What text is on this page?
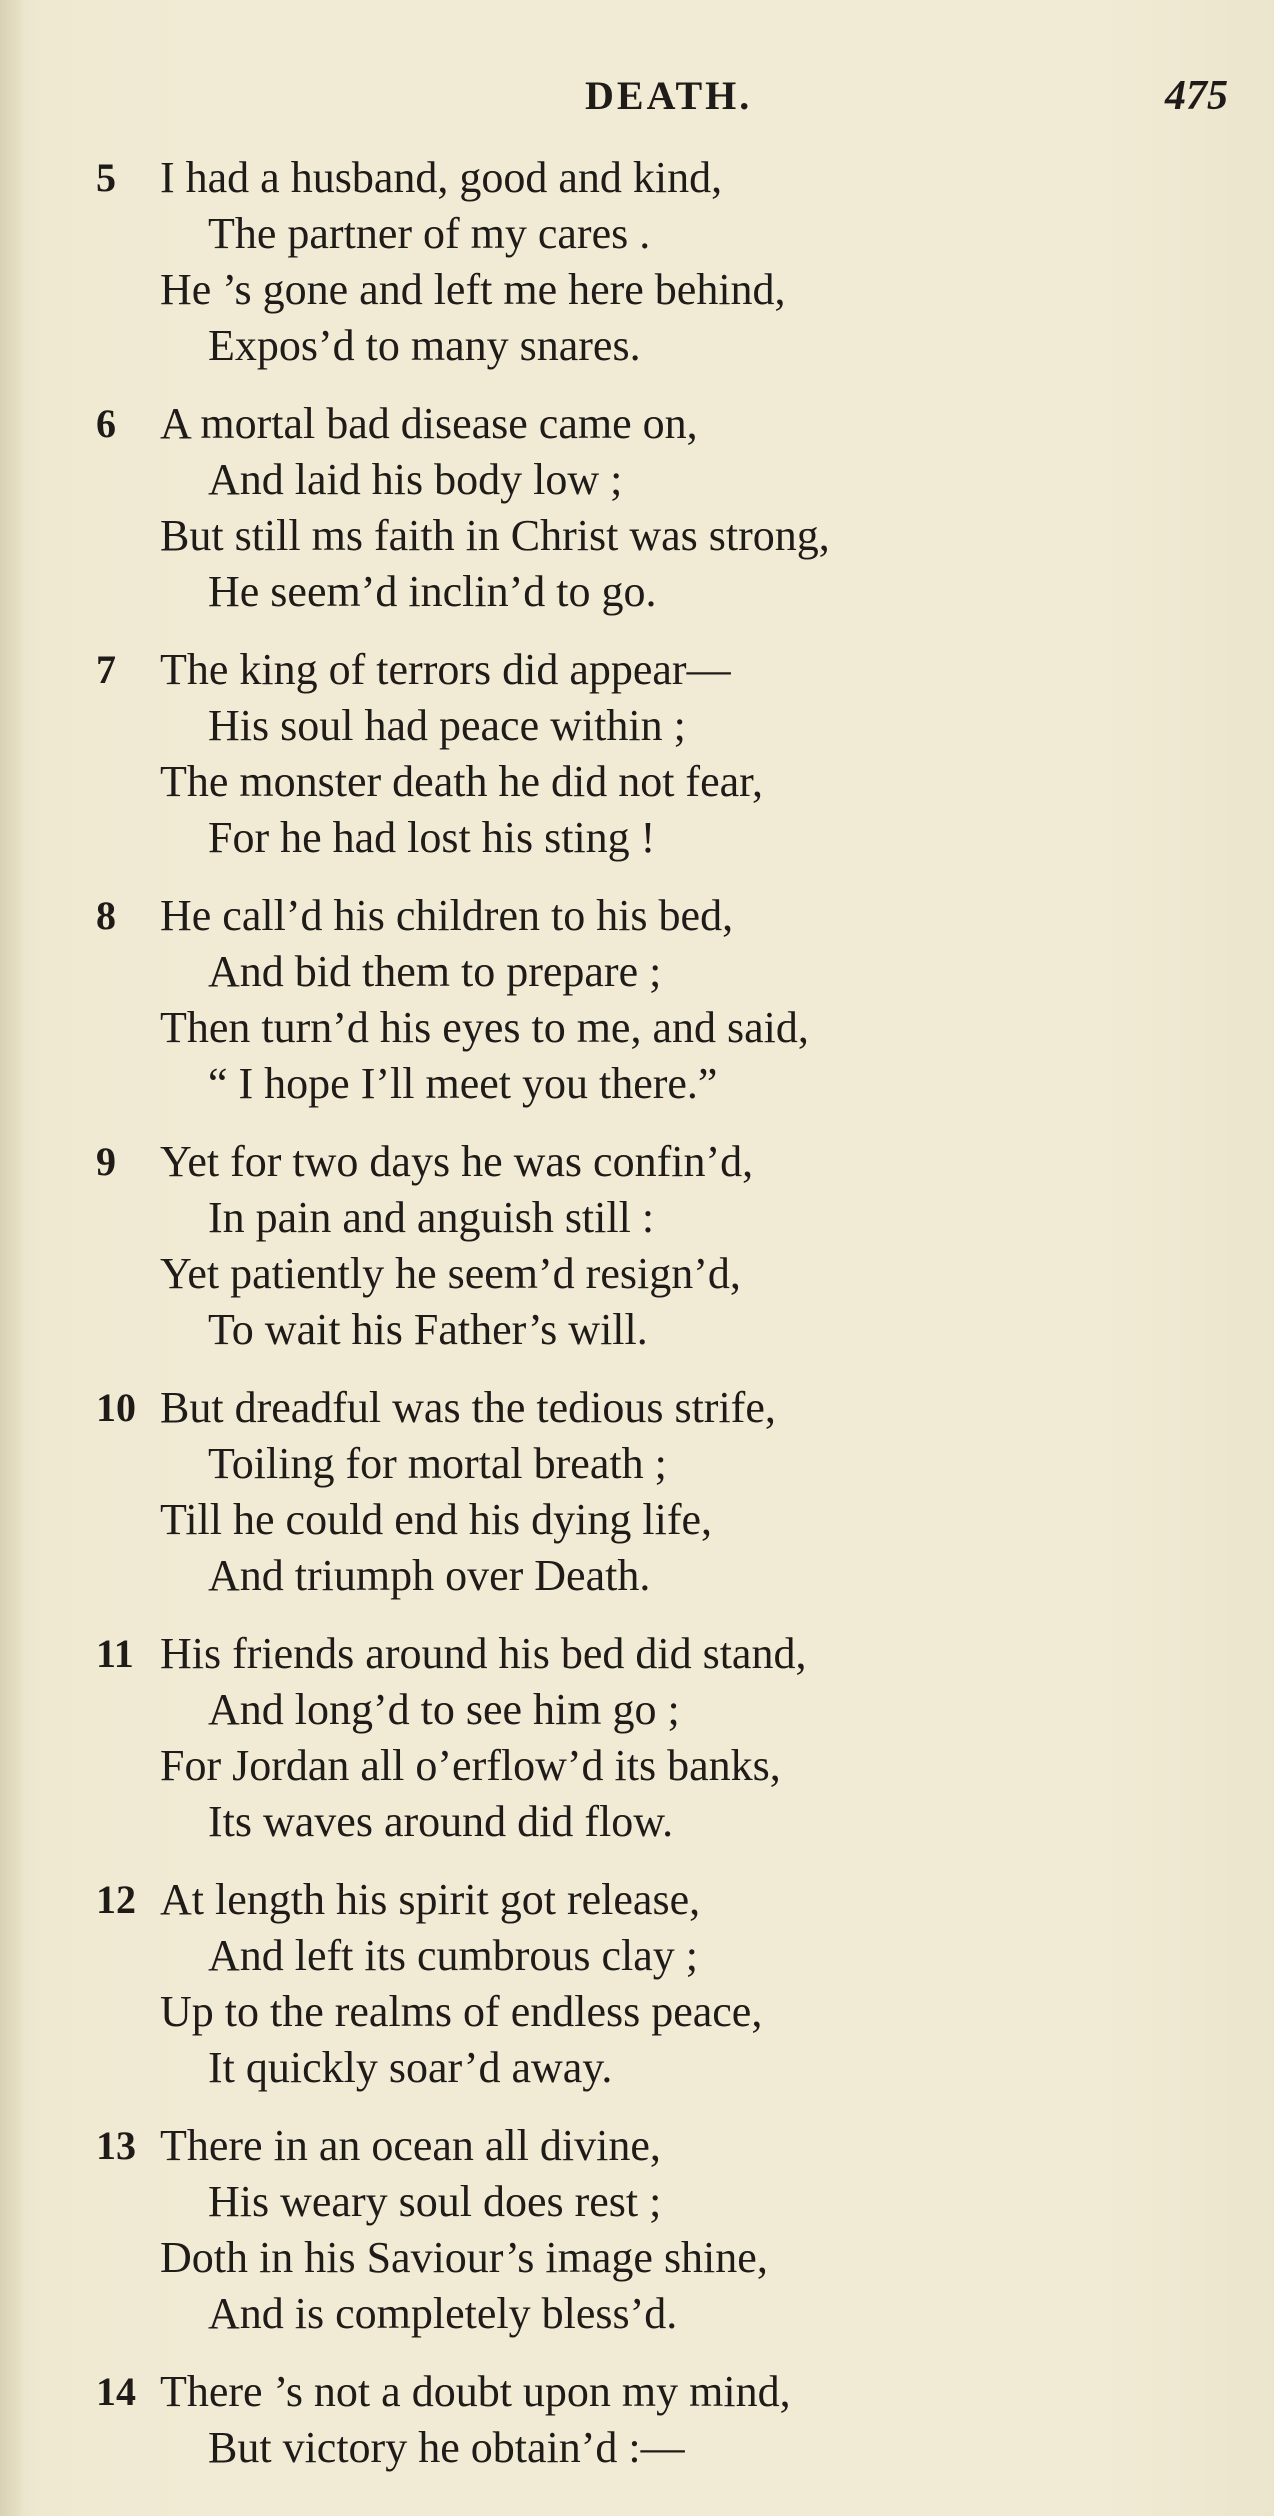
DEATH.	475
5 I had a husband, good and kind,
The partner of my cares .
He ’s gone and left me here behind,
Expos’d to many snares.
6 A mortal bad disease came on,
And laid his body low ;
But still ms faith in Christ was strong,
He seem’d inclin’d to go.
7 The king of terrors did appear—
His soul had peace within ;
The monster death he did not fear,
For he had lost his sting !
8 He call’d his children to his bed,
And bid them to prepare ;
Then turn’d his eyes to me, and said,
“ I hope I’ll meet you there.”
9 Yet for two days he was confin’d,
In pain and anguish still :
Yet patiently he seem’d resign’d,
To wait his Father’s will.
10 But dreadful was the tedious strife,
Toiling for mortal breath ;
Till he could end his dying life,
And triumph over Death.
11 His friends around his bed did stand,
And long’d to see him go ;
For Jordan all o’erflow’d its banks,
Its waves around did flow.
12 At length his spirit got release,
And left its cumbrous clay ;
Up to the realms of endless peace,
It quickly soar’d away.
13 There in an ocean all divine,
His weary soul does rest ;
Doth in his Saviour’s image shine,
And is completely bless’d.
14 There ’s not a doubt upon my mind,
But victory he obtain’d :—
